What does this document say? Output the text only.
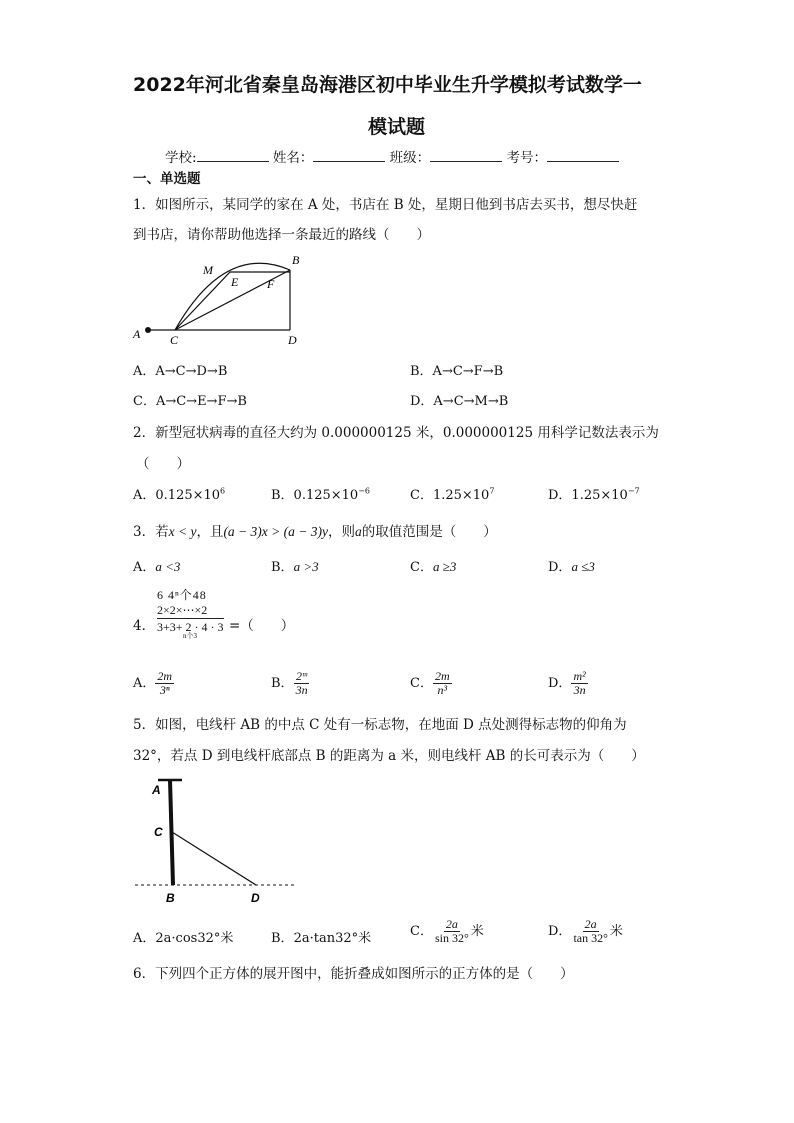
2022年河北省秦皇岛海港区初中毕业生升学模拟考试数学一
模试题
学校:	姓名：	班级：	考号：
一、单选题
1．如图所示，某同学的家在 A 处，书店在 B 处，星期日他到书店去买书，想尽快赶
到书店，请你帮助他选择一条最近的路线（　　）
M
E F
B
A C	D
A．A→C→D→B	B．A→C→F→B
C．A→C→E→F→B	D．A→C→M→B
2．新型冠状病毒的直径大约为 0.000000125 米，0.000000125 用科学记数法表示为
（　　）
A．$0.125\times 10^6$	B．$0.125\times 10^{-6}$	C．$1.25\times 10^7$	D．$1.25\times 10^{-7}$
3．若x < y，且(a − 3)x > (a − 3)y，则a的取值范围是（　　）
A．a <3	B．a >3	C．a ≥3	D．a ≤3
4．
6 4ⁿ个48
2×2×⋯×2
3+3+ 2 · 4 · 3
n个3
=（　　）
A． $\frac{2m}{\text{3ⁿ}}$	B． $\frac{\text{2ᵐ}}{3n}$	C． $\frac{2m}{\text{n³}}$	D． $\frac{\text{m²}}{3n}$
5．如图，电线杆 AB 的中点 C 处有一标志物，在地面 D 点处测得标志物的仰角为
32°，若点 D 到电线杆底部点 B 的距离为 a 米，则电线杆 AB 的长可表示为（　　）
A
C
B	D
A．2a·cos32°米	B．2a·tan32°米	C． $\frac{2a}{\sin 32^\circ}$ 米	D． $\frac{2a}{\tan 32^\circ}$ 米
6．下列四个正方体的展开图中，能折叠成如图所示的正方体的是（　　）
